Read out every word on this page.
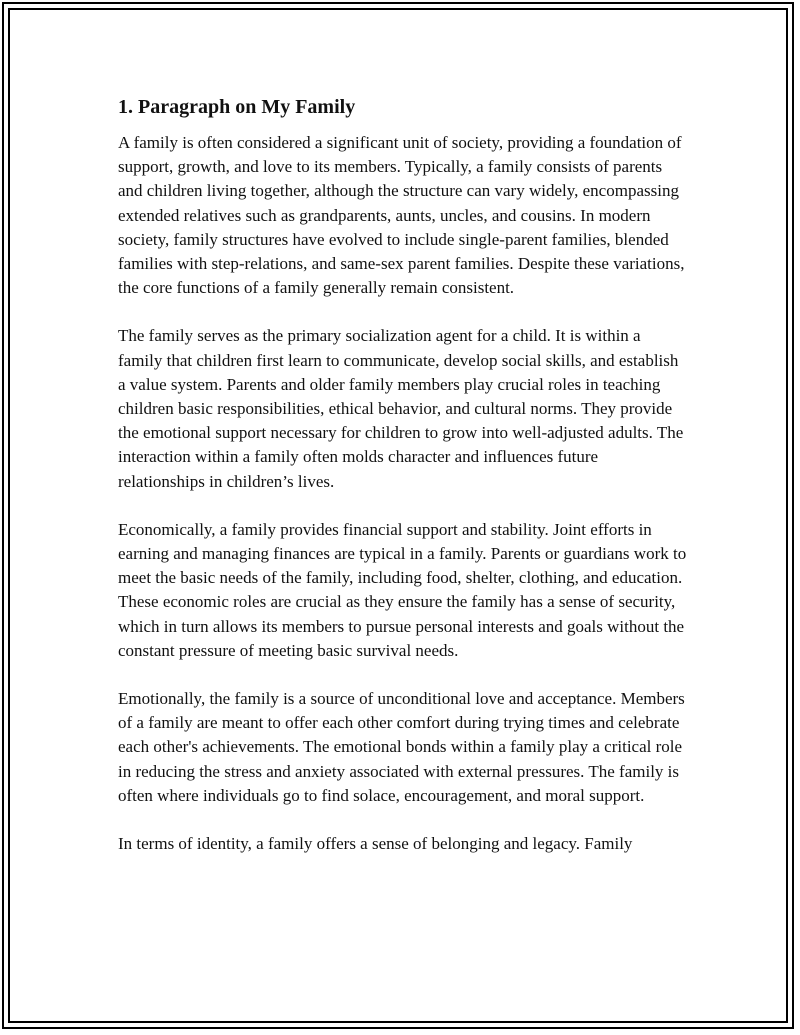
1. Paragraph on My Family

A family is often considered a significant unit of society, providing a foundation of support, growth, and love to its members. Typically, a family consists of parents and children living together, although the structure can vary widely, encompassing extended relatives such as grandparents, aunts, uncles, and cousins. In modern society, family structures have evolved to include single-parent families, blended families with step-relations, and same-sex parent families. Despite these variations, the core functions of a family generally remain consistent.

The family serves as the primary socialization agent for a child. It is within a family that children first learn to communicate, develop social skills, and establish a value system. Parents and older family members play crucial roles in teaching children basic responsibilities, ethical behavior, and cultural norms. They provide the emotional support necessary for children to grow into well-adjusted adults. The interaction within a family often molds character and influences future relationships in children’s lives.

Economically, a family provides financial support and stability. Joint efforts in earning and managing finances are typical in a family. Parents or guardians work to meet the basic needs of the family, including food, shelter, clothing, and education. These economic roles are crucial as they ensure the family has a sense of security, which in turn allows its members to pursue personal interests and goals without the constant pressure of meeting basic survival needs.

Emotionally, the family is a source of unconditional love and acceptance. Members of a family are meant to offer each other comfort during trying times and celebrate each other's achievements. The emotional bonds within a family play a critical role in reducing the stress and anxiety associated with external pressures. The family is often where individuals go to find solace, encouragement, and moral support.

In terms of identity, a family offers a sense of belonging and legacy. Family
